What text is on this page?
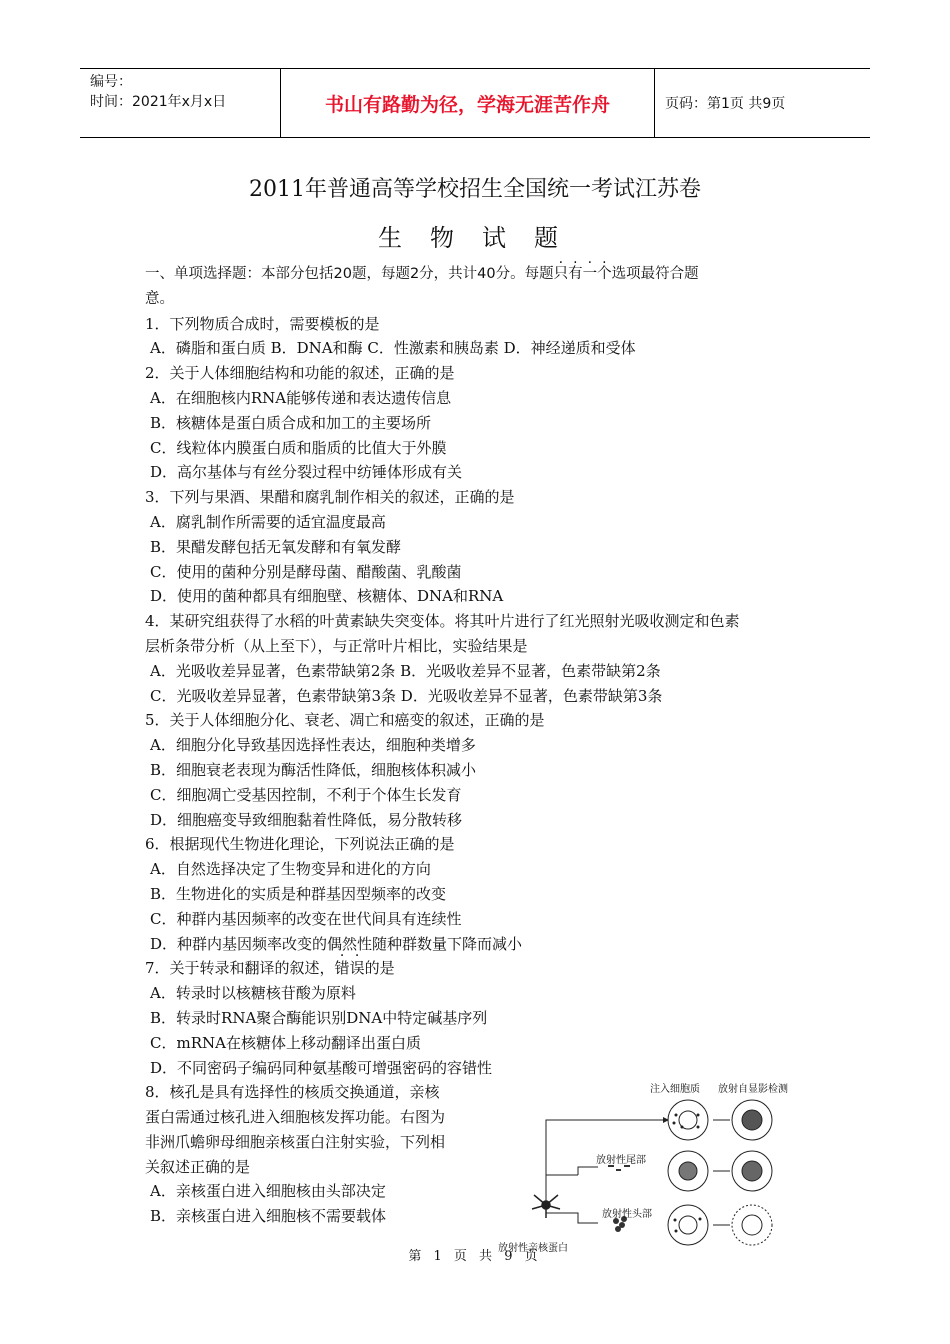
编号：
时间：2021年x月x日	书山有路勤为径，学海无涯苦作舟	页码：第1页 共9页
2011年普通高等学校招生全国统一考试江苏卷
生物试题
一、单项选择题：本部分包括20题，每题2分，共计40分。每题只有一个选项最符合题
意。
1．下列物质合成时，需要模板的是
A．磷脂和蛋白质 B．DNA和酶 C．性激素和胰岛素 D．神经递质和受体
2．关于人体细胞结构和功能的叙述，正确的是
A．在细胞核内RNA能够传递和表达遗传信息
B．核糖体是蛋白质合成和加工的主要场所
C．线粒体内膜蛋白质和脂质的比值大于外膜
D．高尔基体与有丝分裂过程中纺锤体形成有关
3．下列与果酒、果醋和腐乳制作相关的叙述，正确的是
A．腐乳制作所需要的适宜温度最高
B．果醋发酵包括无氧发酵和有氧发酵
C．使用的菌种分别是酵母菌、醋酸菌、乳酸菌
D．使用的菌种都具有细胞壁、核糖体、DNA和RNA
4．某研究组获得了水稻的叶黄素缺失突变体。将其叶片进行了红光照射光吸收测定和色素
层析条带分析（从上至下），与正常叶片相比，实验结果是
A．光吸收差异显著，色素带缺第2条 B．光吸收差异不显著，色素带缺第2条
C．光吸收差异显著，色素带缺第3条 D．光吸收差异不显著，色素带缺第3条
5．关于人体细胞分化、衰老、凋亡和癌变的叙述，正确的是
A．细胞分化导致基因选择性表达，细胞种类增多
B．细胞衰老表现为酶活性降低，细胞核体积减小
C．细胞凋亡受基因控制，不利于个体生长发育
D．细胞癌变导致细胞黏着性降低，易分散转移
6．根据现代生物进化理论，下列说法正确的是
A．自然选择决定了生物变异和进化的方向
B．生物进化的实质是种群基因型频率的改变
C．种群内基因频率的改变在世代间具有连续性
D．种群内基因频率改变的偶然性随种群数量下降而减小
7．关于转录和翻译的叙述，错误的是
A．转录时以核糖核苷酸为原料
B．转录时RNA聚合酶能识别DNA中特定碱基序列
C．mRNA在核糖体上移动翻译出蛋白质
D．不同密码子编码同种氨基酸可增强密码的容错性
8．核孔是具有选择性的核质交换通道，亲核
蛋白需通过核孔进入细胞核发挥功能。右图为
非洲爪蟾卵母细胞亲核蛋白注射实验，下列相
关叙述正确的是
A．亲核蛋白进入细胞核由头部决定
B．亲核蛋白进入细胞核不需要载体
注入细胞质 放射自显影检测
放射性尾部
放射性头部
放射性亲核蛋白
第 1 页 共 9 页
